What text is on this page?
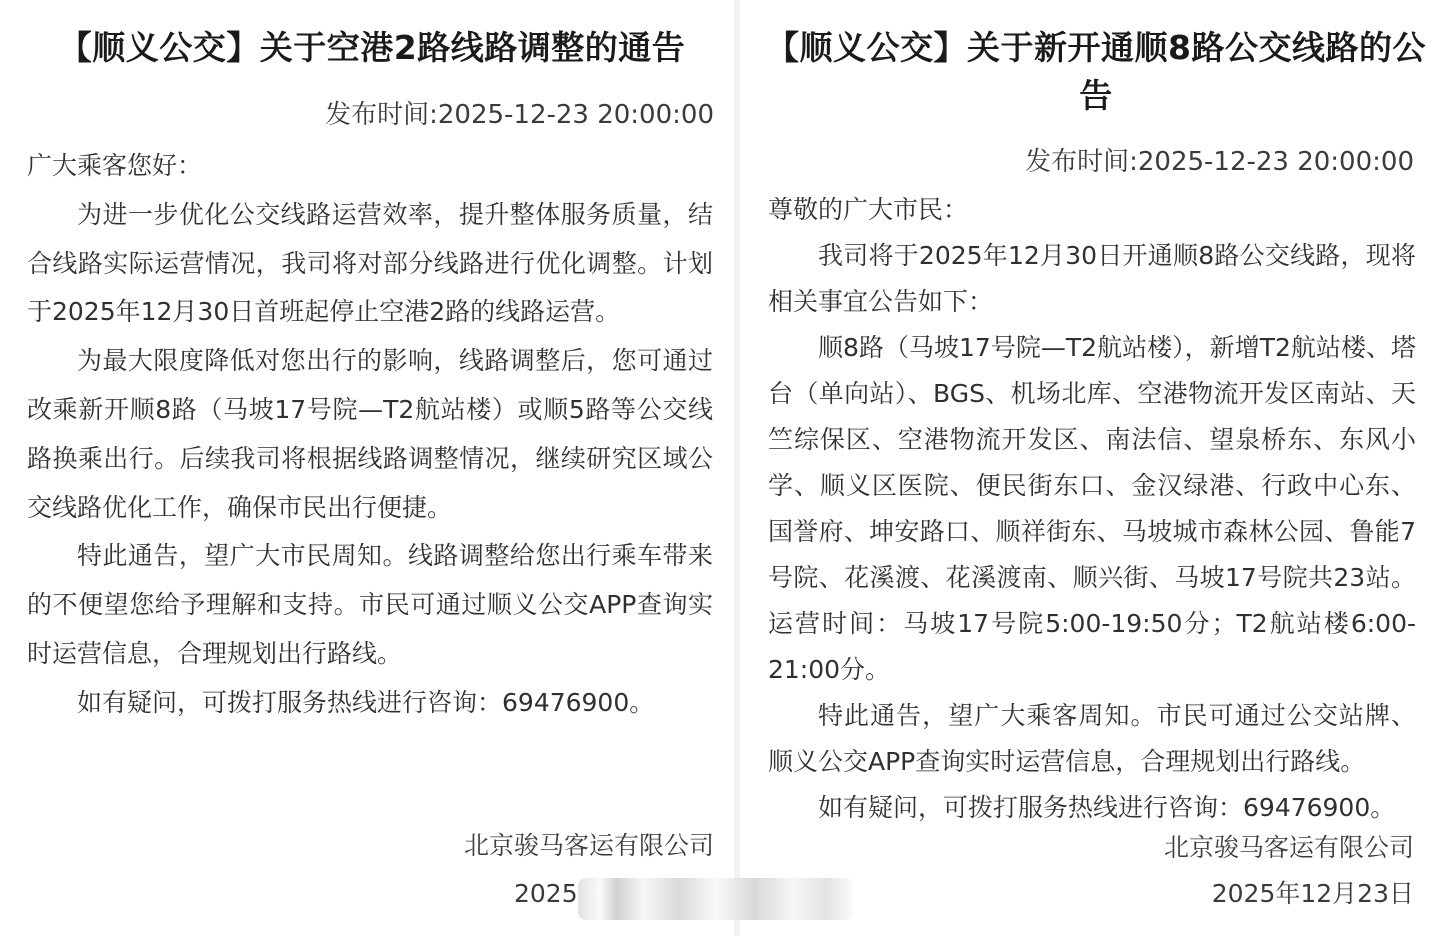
【顺义公交】关于空港2路线路调整的通告
发布时间:2025-12-23 20:00:00

广大乘客您好：

为进一步优化公交线路运营效率，提升整体服务质量，结合线路实际运营情况，我司将对部分线路进行优化调整。计划于2025年12月30日首班起停止空港2路的线路运营。

为最大限度降低对您出行的影响，线路调整后，您可通过改乘新开顺8路（马坡17号院—T2航站楼）或顺5路等公交线路换乘出行。后续我司将根据线路调整情况，继续研究区域公交线路优化工作，确保市民出行便捷。

特此通告，望广大市民周知。线路调整给您出行乘车带来的不便望您给予理解和支持。市民可通过顺义公交APP查询实时运营信息，合理规划出行路线。

如有疑问，可拨打服务热线进行咨询：69476900。

北京骏马客运有限公司
2025
【顺义公交】关于新开通顺8路公交线路的公告
发布时间:2025-12-23 20:00:00

尊敬的广大市民：

我司将于2025年12月30日开通顺8路公交线路，现将相关事宜公告如下：

顺8路（马坡17号院—T2航站楼），新增T2航站楼、塔台（单向站）、BGS、机场北库、空港物流开发区南站、天竺综保区、空港物流开发区、南法信、望泉桥东、东风小学、顺义区医院、便民街东口、金汉绿港、行政中心东、国誉府、坤安路口、顺祥街东、马坡城市森林公园、鲁能7号院、花溪渡、花溪渡南、顺兴街、马坡17号院共23站。运营时间：马坡17号院5:00-19:50分；T2航站楼6:00-21:00分。

特此通告，望广大乘客周知。市民可通过公交站牌、顺义公交APP查询实时运营信息，合理规划出行路线。

如有疑问，可拨打服务热线进行咨询：69476900。

北京骏马客运有限公司
2025年12月23日
